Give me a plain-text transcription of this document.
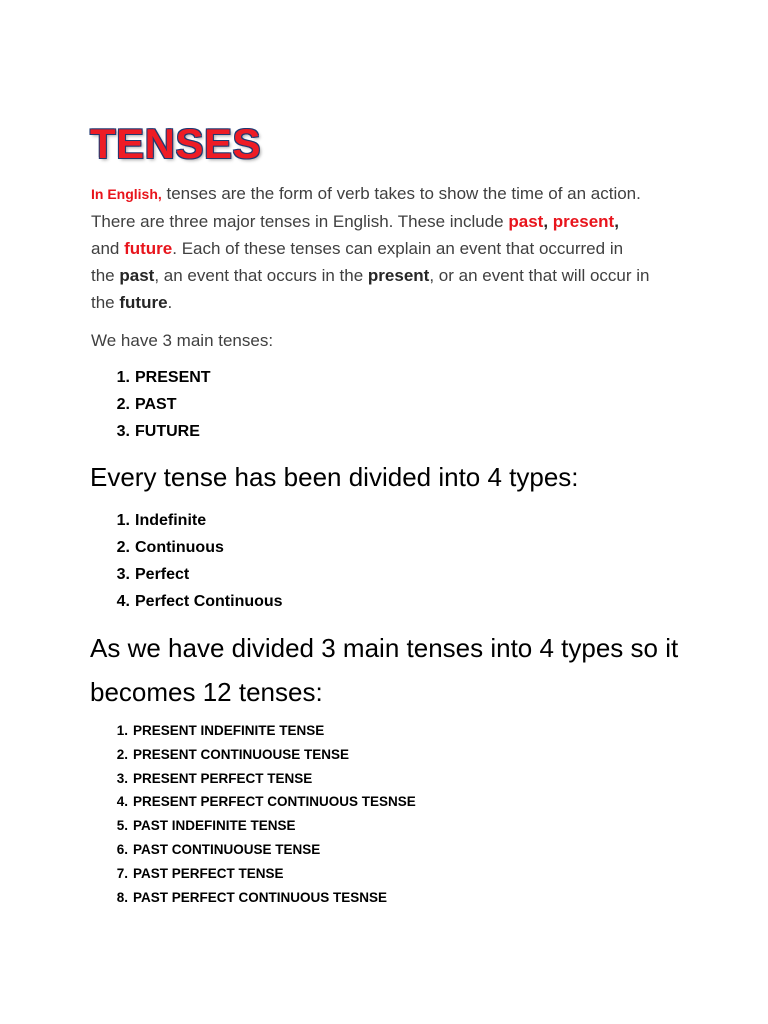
TENSES

In English, tenses are the form of verb takes to show the time of an action. There are three major tenses in English. These include past, present, and future. Each of these tenses can explain an event that occurred in the past, an event that occurs in the present, or an event that will occur in the future.

We have 3 main tenses:

1. PRESENT
2. PAST
3. FUTURE
Every tense has been divided into 4 types:
1. Indefinite
2. Continuous
3. Perfect
4. Perfect Continuous
As we have divided 3 main tenses into 4 types so it becomes 12 tenses:
1. PRESENT INDEFINITE TENSE
2. PRESENT CONTINUOUSE TENSE
3. PRESENT PERFECT TENSE
4. PRESENT PERFECT CONTINUOUS TESNSE
5. PAST INDEFINITE TENSE
6. PAST CONTINUOUSE TENSE
7. PAST PERFECT TENSE
8. PAST PERFECT CONTINUOUS TESNSE
